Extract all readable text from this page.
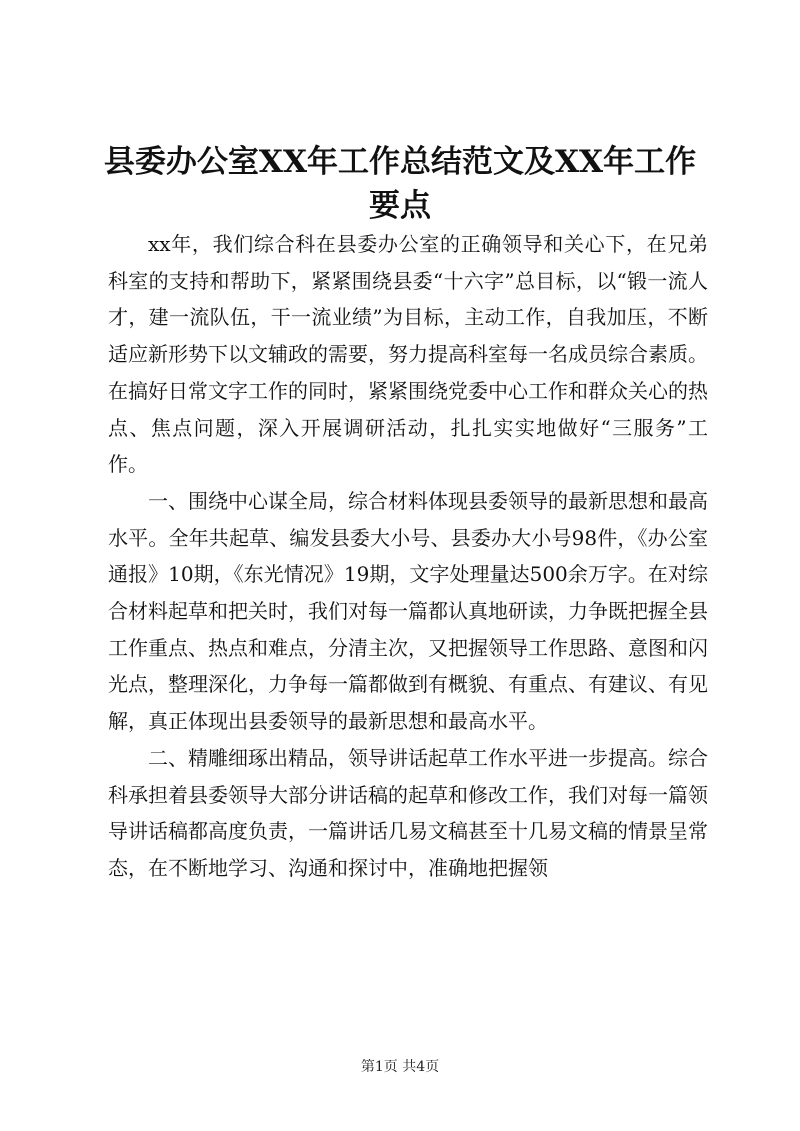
县委办公室XX年工作总结范文及XX年工作要点

xx年，我们综合科在县委办公室的正确领导和关心下，在兄弟科室的支持和帮助下，紧紧围绕县委“十六字”总目标，以“锻一流人才，建一流队伍，干一流业绩”为目标，主动工作，自我加压，不断适应新形势下以文辅政的需要，努力提高科室每一名成员综合素质。在搞好日常文字工作的同时，紧紧围绕党委中心工作和群众关心的热点、焦点问题，深入开展调研活动，扎扎实实地做好“三服务”工作。

一、围绕中心谋全局，综合材料体现县委领导的最新思想和最高水平。全年共起草、编发县委大小号、县委办大小号98件，《办公室通报》10期，《东光情况》19期，文字处理量达500余万字。在对综合材料起草和把关时，我们对每一篇都认真地研读，力争既把握全县工作重点、热点和难点，分清主次，又把握领导工作思路、意图和闪光点，整理深化，力争每一篇都做到有概貌、有重点、有建议、有见解，真正体现出县委领导的最新思想和最高水平。

二、精雕细琢出精品，领导讲话起草工作水平进一步提高。综合科承担着县委领导大部分讲话稿的起草和修改工作，我们对每一篇领导讲话稿都高度负责，一篇讲话几易文稿甚至十几易文稿的情景呈常态，在不断地学习、沟通和探讨中，准确地把握领

第1页 共4页
